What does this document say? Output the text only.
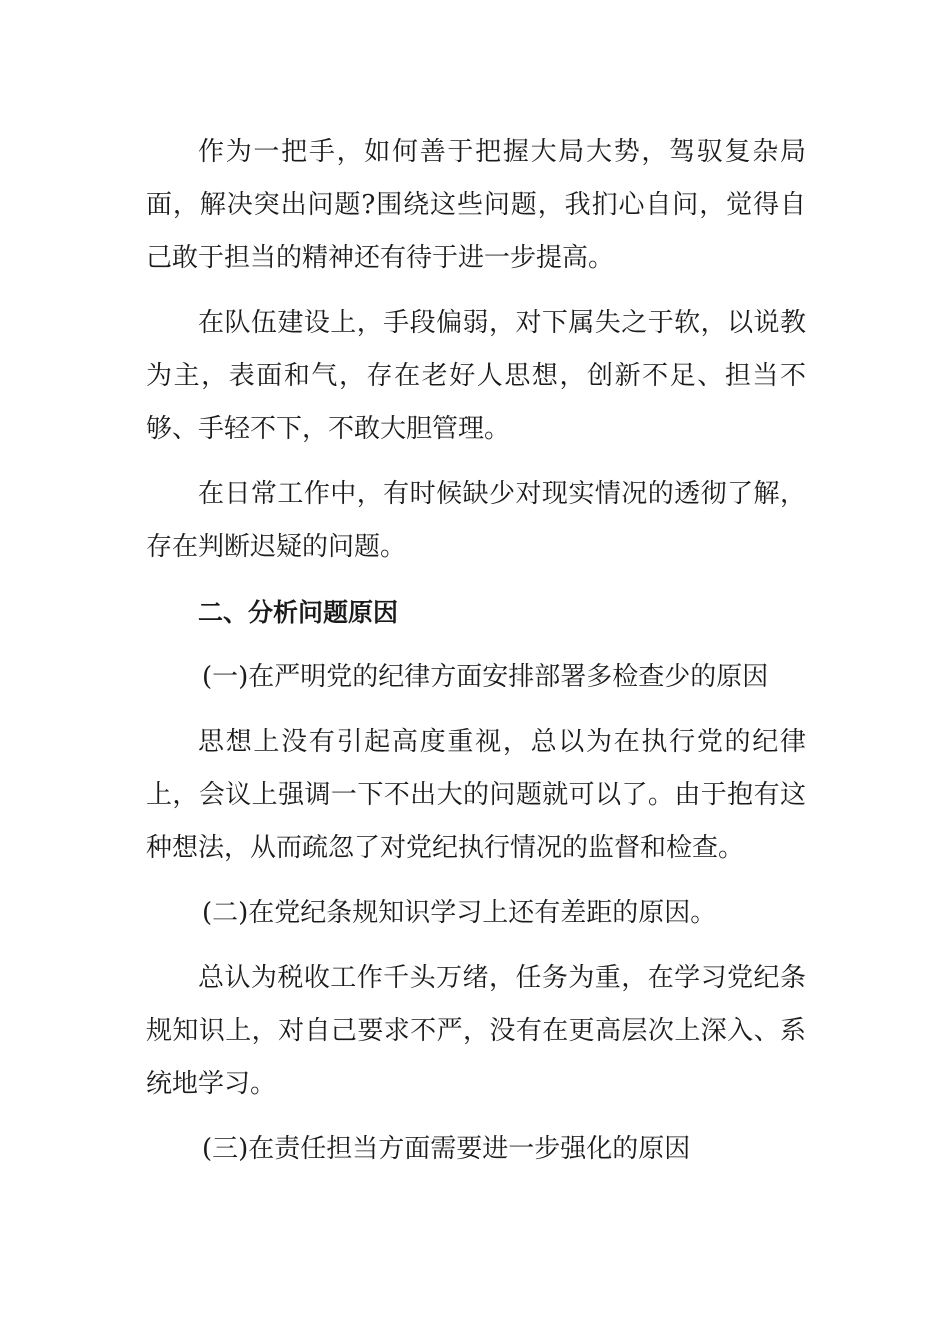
作为一把手，如何善于把握大局大势，驾驭复杂局面，解决突出问题?围绕这些问题，我扪心自问，觉得自己敢于担当的精神还有待于进一步提高。

在队伍建设上，手段偏弱，对下属失之于软，以说教为主，表面和气，存在老好人思想，创新不足、担当不够、手轻不下，不敢大胆管理。

在日常工作中，有时候缺少对现实情况的透彻了解，存在判断迟疑的问题。

二、分析问题原因

(一)在严明党的纪律方面安排部署多检查少的原因

思想上没有引起高度重视，总以为在执行党的纪律上，会议上强调一下不出大的问题就可以了。由于抱有这种想法，从而疏忽了对党纪执行情况的监督和检查。

(二)在党纪条规知识学习上还有差距的原因。

总认为税收工作千头万绪，任务为重，在学习党纪条规知识上，对自己要求不严，没有在更高层次上深入、系统地学习。

(三)在责任担当方面需要进一步强化的原因
